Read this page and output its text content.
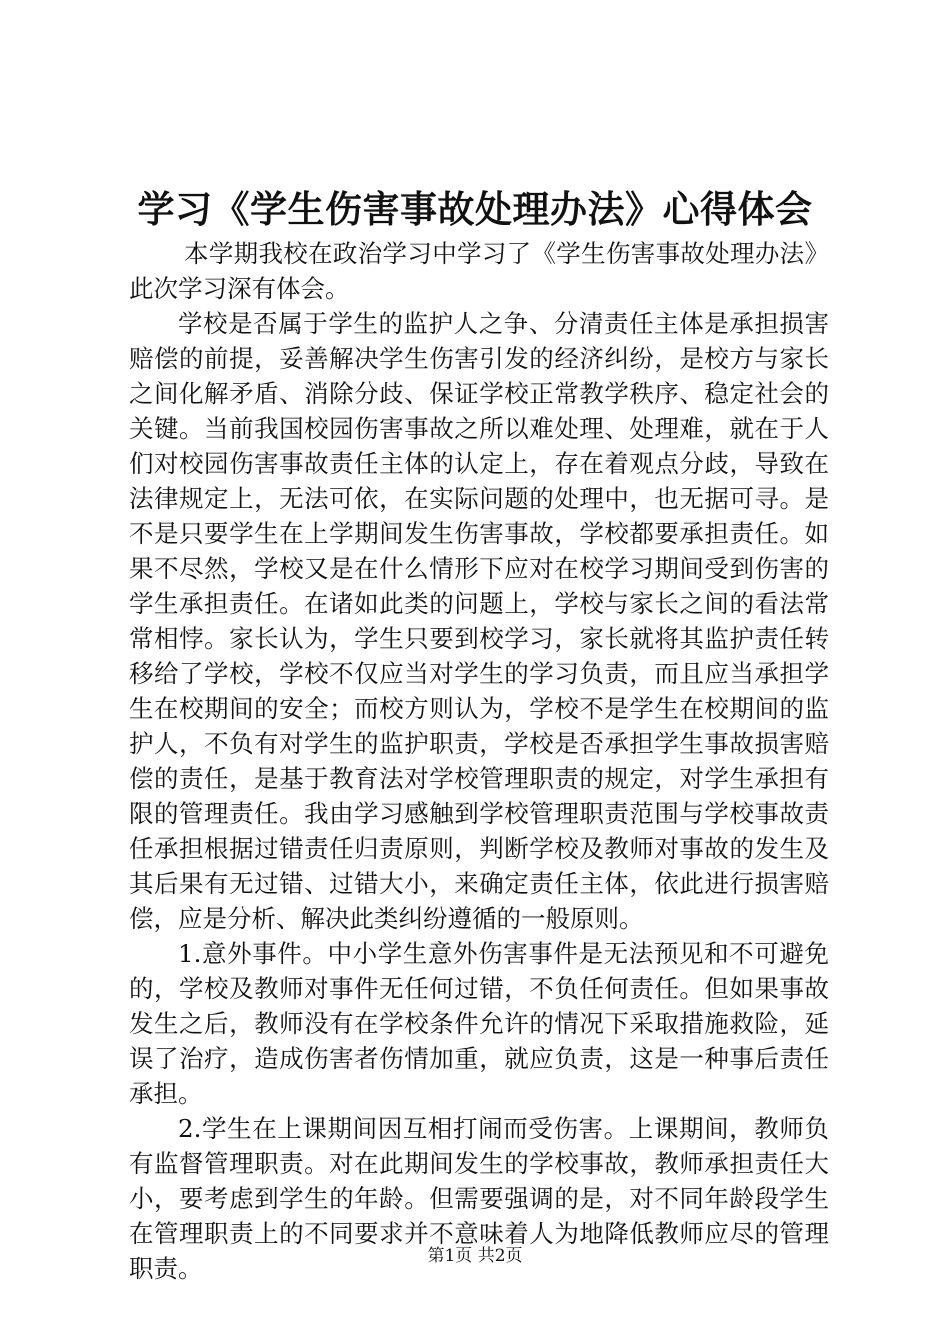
学习《学生伤害事故处理办法》心得体会

本学期我校在政治学习中学习了《学生伤害事故处理办法》此次学习深有体会。

学校是否属于学生的监护人之争、分清责任主体是承担损害赔偿的前提，妥善解决学生伤害引发的经济纠纷，是校方与家长之间化解矛盾、消除分歧、保证学校正常教学秩序、稳定社会的关键。当前我国校园伤害事故之所以难处理、处理难，就在于人们对校园伤害事故责任主体的认定上，存在着观点分歧，导致在法律规定上，无法可依，在实际问题的处理中，也无据可寻。是不是只要学生在上学期间发生伤害事故，学校都要承担责任。如果不尽然，学校又是在什么情形下应对在校学习期间受到伤害的学生承担责任。在诸如此类的问题上，学校与家长之间的看法常常相悖。家长认为，学生只要到校学习，家长就将其监护责任转移给了学校，学校不仅应当对学生的学习负责，而且应当承担学生在校期间的安全；而校方则认为，学校不是学生在校期间的监护人，不负有对学生的监护职责，学校是否承担学生事故损害赔偿的责任，是基于教育法对学校管理职责的规定，对学生承担有限的管理责任。我由学习感触到学校管理职责范围与学校事故责任承担根据过错责任归责原则，判断学校及教师对事故的发生及其后果有无过错、过错大小，来确定责任主体，依此进行损害赔偿，应是分析、解决此类纠纷遵循的一般原则。

1.意外事件。中小学生意外伤害事件是无法预见和不可避免的，学校及教师对事件无任何过错，不负任何责任。但如果事故发生之后，教师没有在学校条件允许的情况下采取措施救险，延误了治疗，造成伤害者伤情加重，就应负责，这是一种事后责任承担。

2.学生在上课期间因互相打闹而受伤害。上课期间，教师负有监督管理职责。对在此期间发生的学校事故，教师承担责任大小，要考虑到学生的年龄。但需要强调的是，对不同年龄段学生在管理职责上的不同要求并不意味着人为地降低教师应尽的管理职责。	第1页 共2页
